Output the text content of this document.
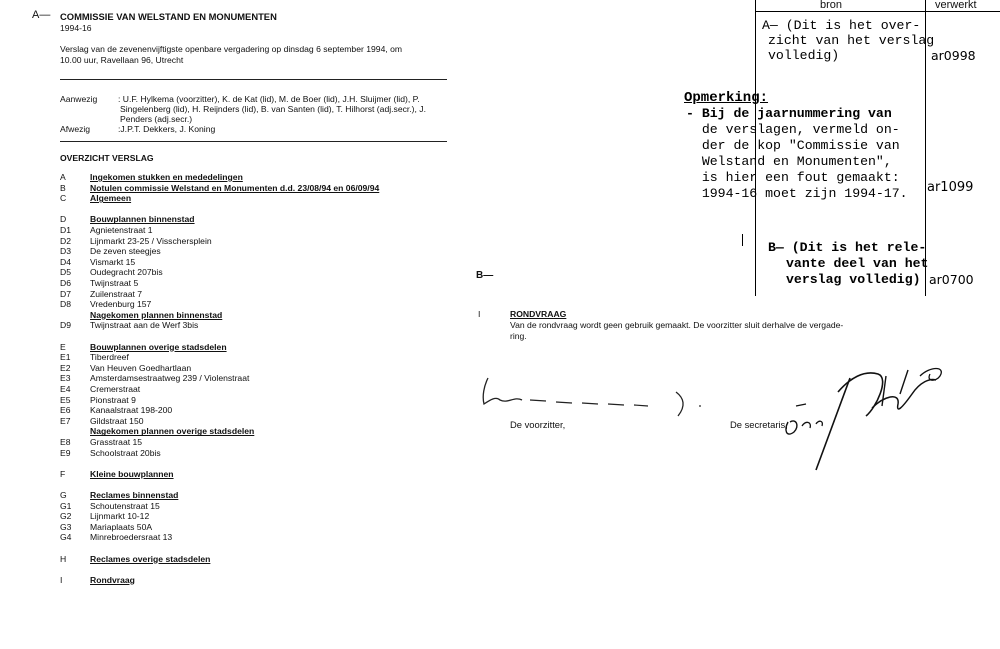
A— COMMISSIE VAN WELSTAND EN MONUMENTEN
1994-16
Verslag van de zevenenvijftigste openbare vergadering op dinsdag 6 september 1994, om
10.00 uur, Ravellaan 96, Utrecht
Aanwezig : U.F. Hylkema (voorzitter), K. de Kat (lid), M. de Boer (lid), J.H. Sluijmer (lid), P.
Singelenberg (lid), H. Reijnders (lid), B. van Santen (lid), T. Hilhorst (adj.secr.), J.
Penders (adj.secr.)
Afwezig	:J.P.T. Dekkers, J. Koning
OVERZICHT VERSLAG
A	Ingekomen stukken en mededelingen
B	Notulen commissie Welstand en Monumenten d.d. 23/08/94 en 06/09/94
C	Algemeen
D	Bouwplannen binnenstad
D1 Agnietenstraat 1
D2 Lijnmarkt 23-25 / Visschersplein
D3 De zeven steegjes
D4 Vismarkt 15
D5 Oudegracht 207bis
D6 Twijnstraat 5
D7 Zuilenstraat 7
D8 Vredenburg 157
Nagekomen plannen binnenstad
D9 Twijnstraat aan de Werf 3bis
E	Bouwplannen overige stadsdelen
E1 Tiberdreef
E2 Van Heuven Goedhartlaan
E3 Amsterdamsestraatweg 239 / Violenstraat
E4 Cremerstraat
E5 Pionstraat 9
E6 Kanaalstraat 198-200
E7 Gildstraat 150
Nagekomen plannen overige stadsdelen
E8 Grasstraat 15
E9 Schoolstraat 20bis
F	Kleine bouwplannen
G	Reclames binnenstad
G1 Schoutenstraat 15
G2 Lijnmarkt 10-12
G3 Mariaplaats 50A
G4 Minrebroedersraat 13
H	Reclames overige stadsdelen
I	Rondvraag
B—
I	RONDVRAAG
Van de rondvraag wordt geen gebruik gemaakt. De voorzitter sluit derhalve de vergade-
ring.
De voorzitter,	De secretaris,
bron	verwerkt
A— (Dit is het over-
zicht van het verslag
volledig)	ar0998
Opmerking:
- Bij de jaarnummering van
de verslagen, vermeld on-
der de kop "Commissie van
Welstand en Monumenten",
is hier een fout gemaakt:
1994-16 moet zijn 1994-17. ar1099
B— (Dit is het rele-
vante deel van het
verslag volledig) ar0700
